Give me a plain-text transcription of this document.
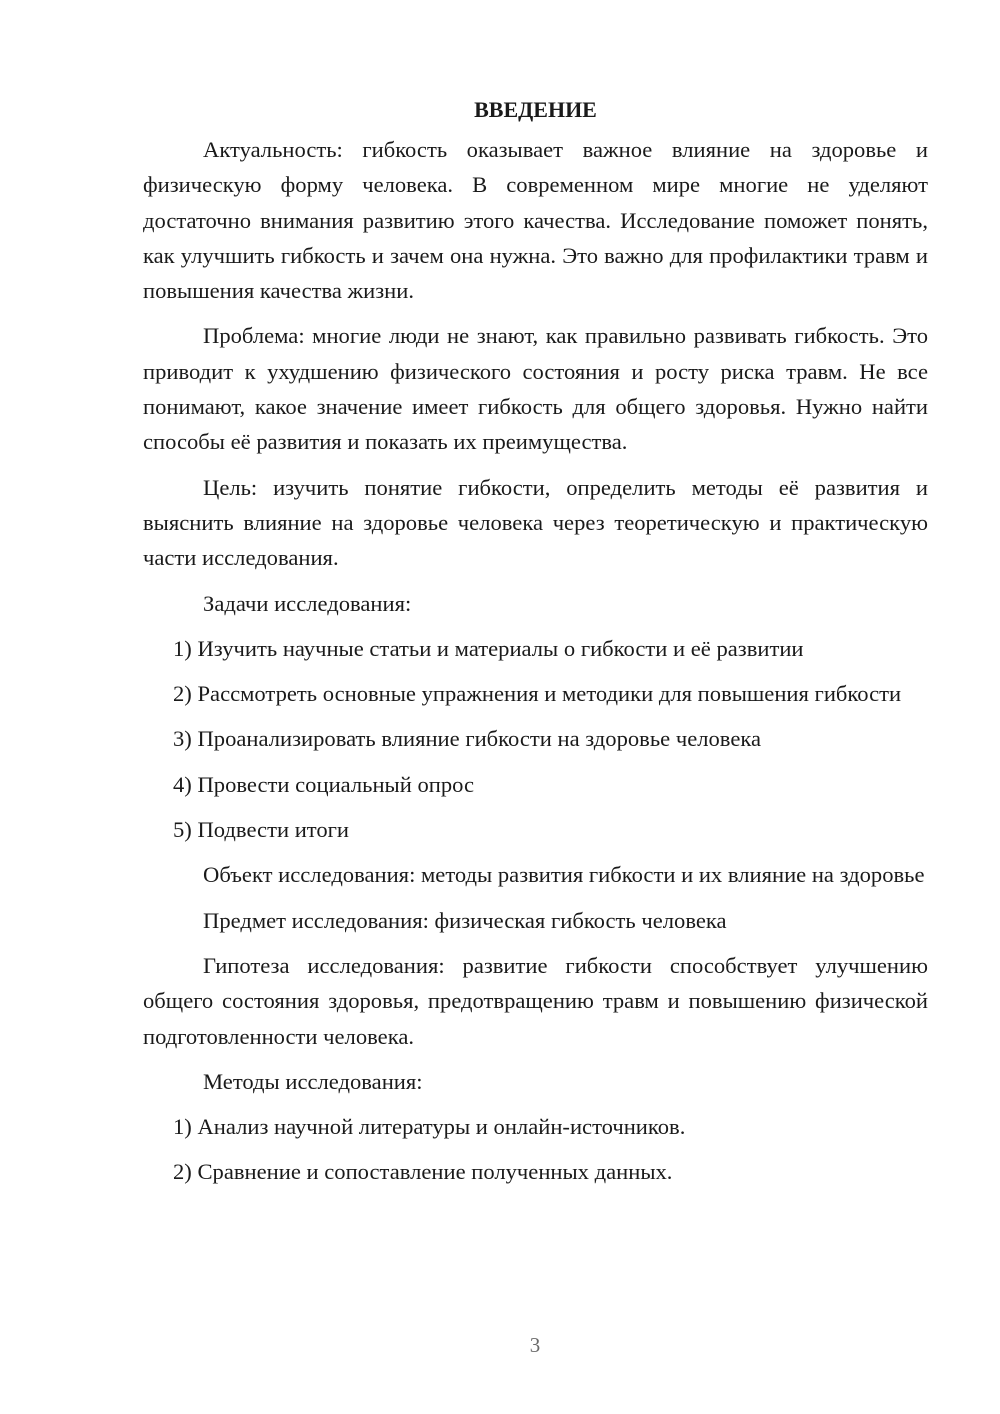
ВВЕДЕНИЕ

Актуальность: гибкость оказывает важное влияние на здоровье и физическую форму человека. В современном мире многие не уделяют достаточно внимания развитию этого качества. Исследование поможет понять, как улучшить гибкость и зачем она нужна. Это важно для профилактики травм и повышения качества жизни.

Проблема: многие люди не знают, как правильно развивать гибкость. Это приводит к ухудшению физического состояния и росту риска травм. Не все понимают, какое значение имеет гибкость для общего здоровья. Нужно найти способы её развития и показать их преимущества.

Цель: изучить понятие гибкости, определить методы её развития и выяснить влияние на здоровье человека через теоретическую и практическую части исследования.

Задачи исследования:

1) Изучить научные статьи и материалы о гибкости и её развитии

2) Рассмотреть основные упражнения и методики для повышения гибкости

3) Проанализировать влияние гибкости на здоровье человека

4) Провести социальный опрос

5) Подвести итоги

Объект исследования: методы развития гибкости и их влияние на здоровье

Предмет исследования: физическая гибкость человека

Гипотеза исследования: развитие гибкости способствует улучшению общего состояния здоровья, предотвращению травм и повышению физической подготовленности человека.

Методы исследования:

1) Анализ научной литературы и онлайн-источников.

2) Сравнение и сопоставление полученных данных.

3
